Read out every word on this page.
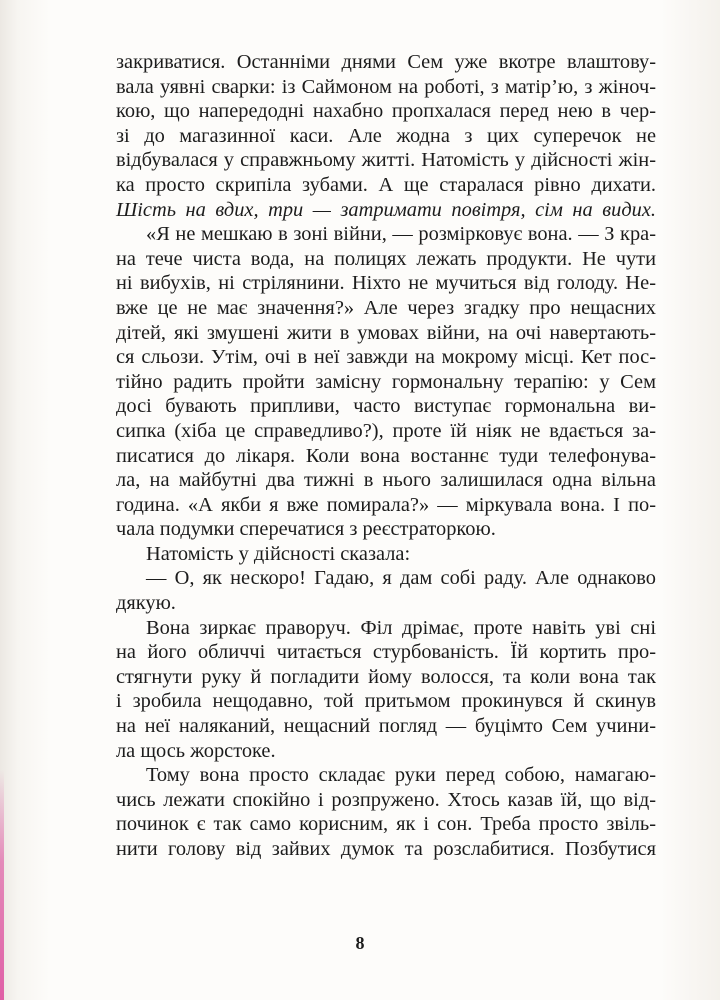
закриватися. Останніми днями Сем уже вкотре влаштову-
вала уявні сварки: із Саймоном на роботі, з матір’ю, з жіноч-
кою, що напередодні нахабно пропхалася перед нею в чер-
зі до магазинної каси. Але жодна з цих суперечок не
відбувалася у справжньому житті. Натомість у дійсності жін-
ка просто скрипіла зубами. А ще старалася рівно дихати.
Шість на вдих, три — затримати повітря, сім на видих.
«Я не мешкаю в зоні війни, — розмірковує вона. — З кра-
на тече чиста вода, на полицях лежать продукти. Не чути
ні вибухів, ні стрілянини. Ніхто не мучиться від голоду. Не-
вже це не має значення?» Але через згадку про нещасних
дітей, які змушені жити в умовах війни, на очі навертають-
ся сльози. Утім, очі в неї завжди на мокрому місці. Кет пос-
тійно радить пройти замісну гормональну терапію: у Сем
досі бувають припливи, часто виступає гормональна ви-
сипка (хіба це справедливо?), проте їй ніяк не вдається за-
писатися до лікаря. Коли вона востаннє туди телефонува-
ла, на майбутні два тижні в нього залишилася одна вільна
година. «А якби я вже помирала?» — міркувала вона. І по-
чала подумки сперечатися з реєстраторкою.
Натомість у дійсності сказала:
— О, як нескоро! Гадаю, я дам собі раду. Але однаково
дякую.
Вона зиркає праворуч. Філ дрімає, проте навіть уві сні
на його обличчі читається стурбованість. Їй кортить про-
стягнути руку й погладити йому волосся, та коли вона так
і зробила нещодавно, той притьмом прокинувся й скинув
на неї наляканий, нещасний погляд — буцімто Сем учини-
ла щось жорстоке.
Тому вона просто складає руки перед собою, намагаю-
чись лежати спокійно і розпружено. Хтось казав їй, що від-
починок є так само корисним, як і сон. Треба просто звіль-
нити голову від зайвих думок та розслабитися. Позбутися
8
